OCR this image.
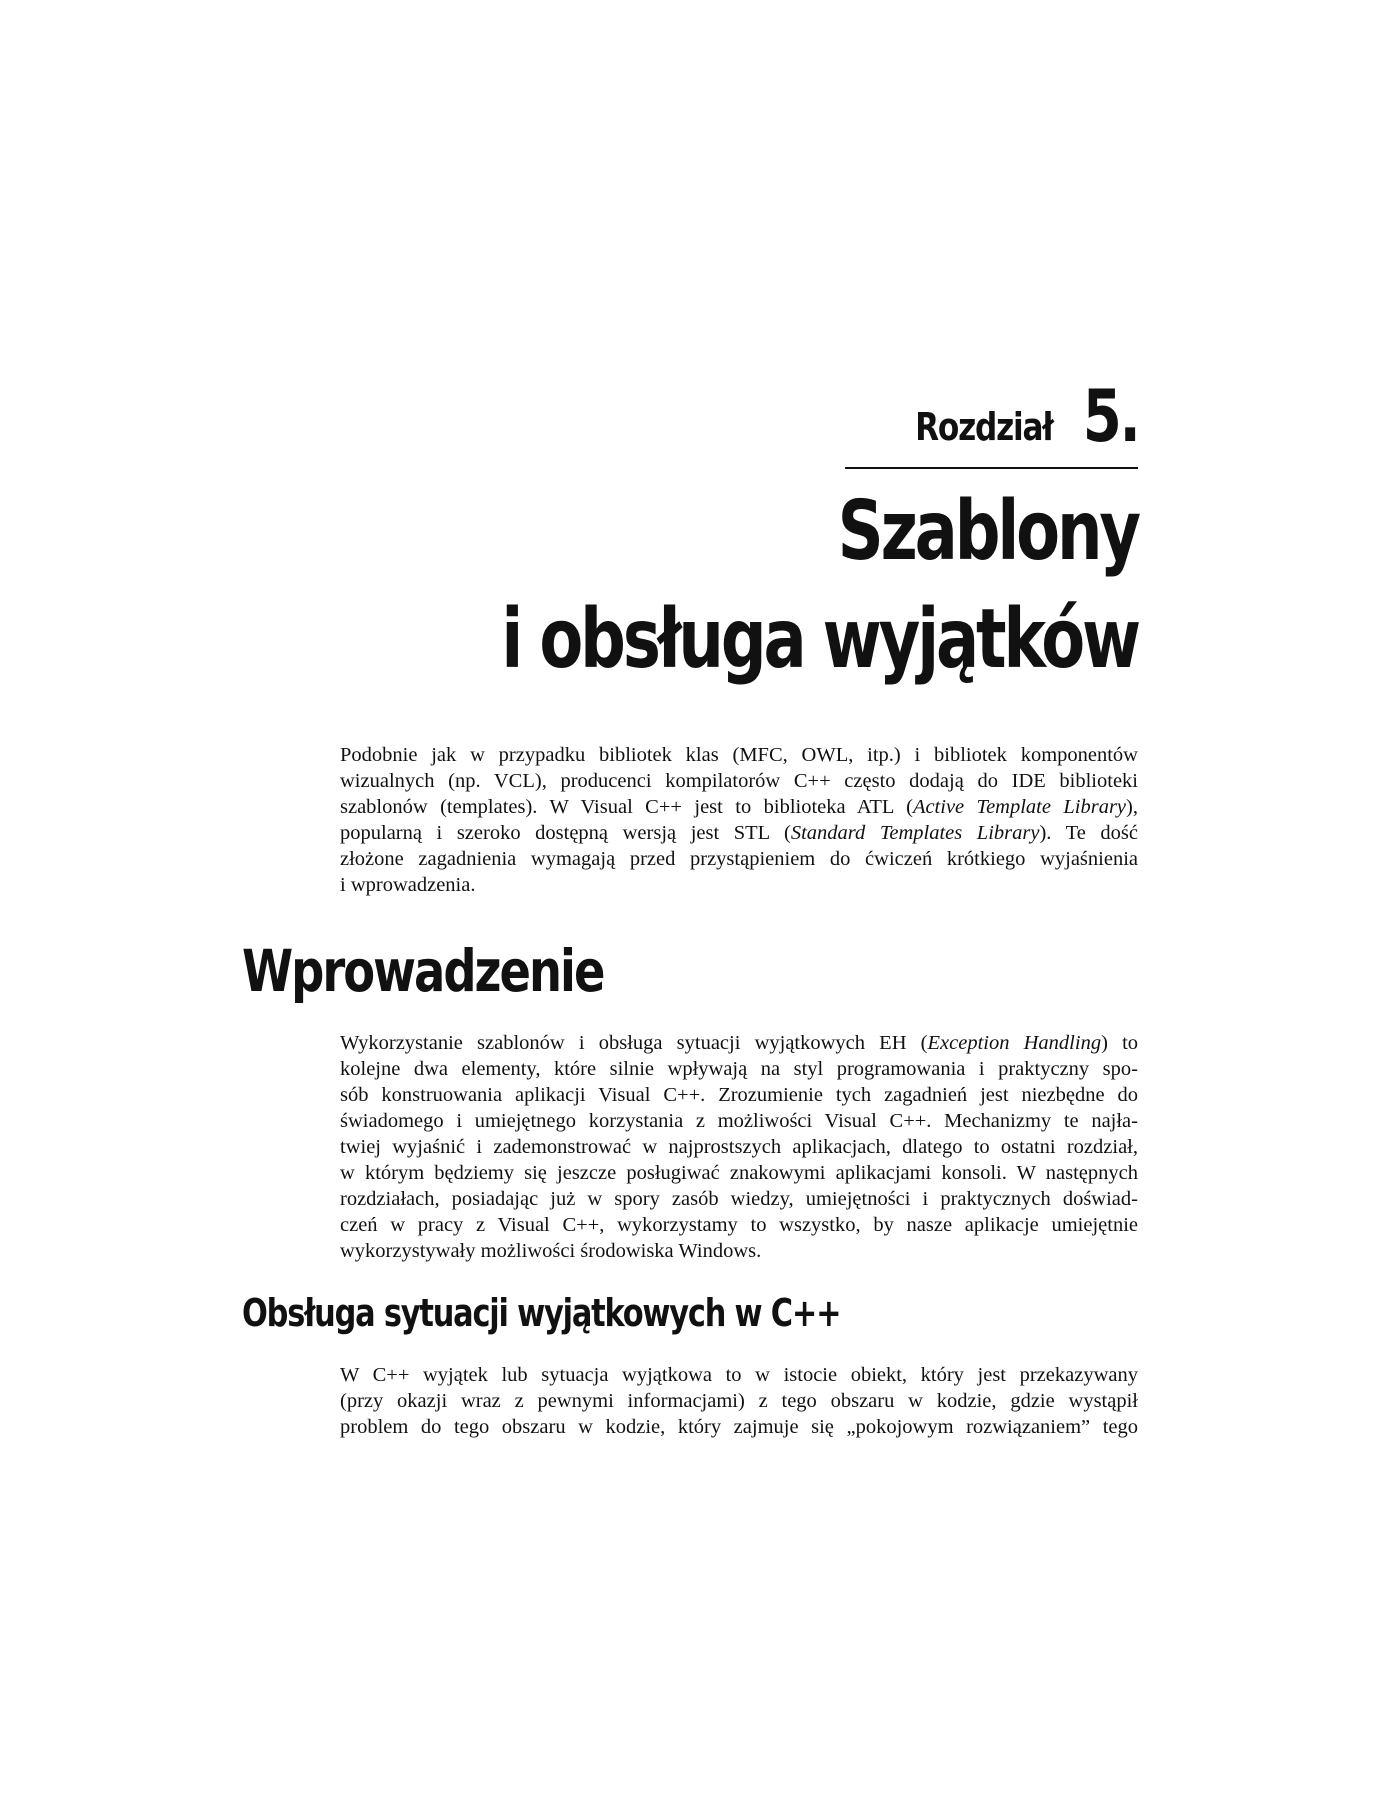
Rozdział 5.
Szablony
i obsługa wyjątków
Podobnie jak w przypadku bibliotek klas (MFC, OWL, itp.) i bibliotek komponentów
wizualnych (np. VCL), producenci kompilatorów C++ często dodają do IDE biblioteki
szablonów (templates). W Visual C++ jest to biblioteka ATL (Active Template Library),
popularną i szeroko dostępną wersją jest STL (Standard Templates Library). Te dość
złożone zagadnienia wymagają przed przystąpieniem do ćwiczeń krótkiego wyjaśnienia
i wprowadzenia.
Wprowadzenie
Wykorzystanie szablonów i obsługa sytuacji wyjątkowych EH (Exception Handling) to
kolejne dwa elementy, które silnie wpływają na styl programowania i praktyczny spo-
sób konstruowania aplikacji Visual C++. Zrozumienie tych zagadnień jest niezbędne do
świadomego i umiejętnego korzystania z możliwości Visual C++. Mechanizmy te najła-
twiej wyjaśnić i zademonstrować w najprostszych aplikacjach, dlatego to ostatni rozdział,
w którym będziemy się jeszcze posługiwać znakowymi aplikacjami konsoli. W następnych
rozdziałach, posiadając już w spory zasób wiedzy, umiejętności i praktycznych doświad-
czeń w pracy z Visual C++, wykorzystamy to wszystko, by nasze aplikacje umiejętnie
wykorzystywały możliwości środowiska Windows.
Obsługa sytuacji wyjątkowych w C++
W C++ wyjątek lub sytuacja wyjątkowa to w istocie obiekt, który jest przekazywany
(przy okazji wraz z pewnymi informacjami) z tego obszaru w kodzie, gdzie wystąpił
problem do tego obszaru w kodzie, który zajmuje się „pokojowym rozwiązaniem” tego
